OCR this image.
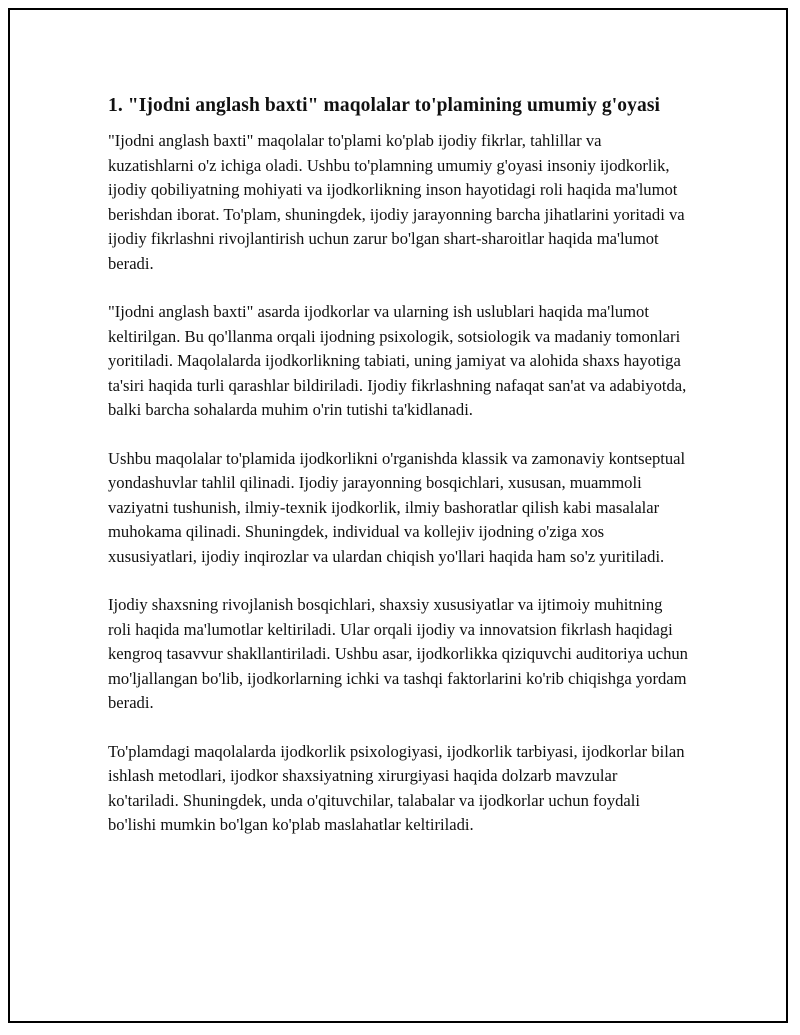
1. "Ijodni anglash baxti" maqolalar to'plamining umumiy g'oyasi

"Ijodni anglash baxti" maqolalar to'plami ko'plab ijodiy fikrlar, tahlillar va kuzatishlarni o'z ichiga oladi. Ushbu to'plamning umumiy g'oyasi insoniy ijodkorlik, ijodiy qobiliyatning mohiyati va ijodkorlikning inson hayotidagi roli haqida ma'lumot berishdan iborat. To'plam, shuningdek, ijodiy jarayonning barcha jihatlarini yoritadi va ijodiy fikrlashni rivojlantirish uchun zarur bo'lgan shart-sharoitlar haqida ma'lumot beradi.

"Ijodni anglash baxti" asarda ijodkorlar va ularning ish uslublari haqida ma'lumot keltirilgan. Bu qo'llanma orqali ijodning psixologik, sotsiologik va madaniy tomonlari yoritiladi. Maqolalarda ijodkorlikning tabiati, uning jamiyat va alohida shaxs hayotiga ta'siri haqida turli qarashlar bildiriladi. Ijodiy fikrlashning nafaqat san'at va adabiyotda, balki barcha sohalarda muhim o'rin tutishi ta'kidlanadi.

Ushbu maqolalar to'plamida ijodkorlikni o'rganishda klassik va zamonaviy kontseptual yondashuvlar tahlil qilinadi. Ijodiy jarayonning bosqichlari, xususan, muammoli vaziyatni tushunish, ilmiy-texnik ijodkorlik, ilmiy bashoratlar qilish kabi masalalar muhokama qilinadi. Shuningdek, individual va kollejiv ijodning o'ziga xos xususiyatlari, ijodiy inqirozlar va ulardan chiqish yo'llari haqida ham so'z yuritiladi.

Ijodiy shaxsning rivojlanish bosqichlari, shaxsiy xususiyatlar va ijtimoiy muhitning roli haqida ma'lumotlar keltiriladi. Ular orqali ijodiy va innovatsion fikrlash haqidagi kengroq tasavvur shakllantiriladi. Ushbu asar, ijodkorlikka qiziquvchi auditoriya uchun mo'ljallangan bo'lib, ijodkorlarning ichki va tashqi faktorlarini ko'rib chiqishga yordam beradi.

To'plamdagi maqolalarda ijodkorlik psixologiyasi, ijodkorlik tarbiyasi, ijodkorlar bilan ishlash metodlari, ijodkor shaxsiyatning xirurgiyasi haqida dolzarb mavzular ko'tariladi. Shuningdek, unda o'qituvchilar, talabalar va ijodkorlar uchun foydali bo'lishi mumkin bo'lgan ko'plab maslahatlar keltiriladi.
